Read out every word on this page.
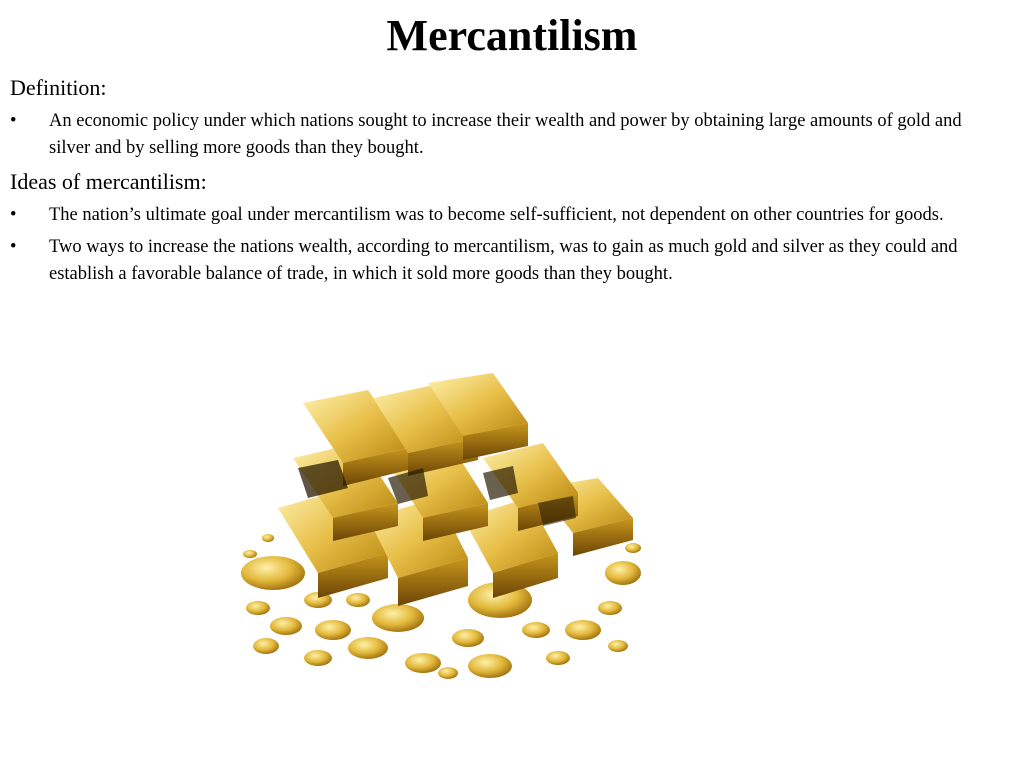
Mercantilism

Definition:

• An economic policy under which nations sought to increase their wealth and power by obtaining large amounts of gold and silver and by selling more goods than they bought.

Ideas of mercantilism:

• The nation’s ultimate goal under mercantilism was to become self-sufficient, not dependent on other countries for goods.
• Two ways to increase the nations wealth, according to mercantilism, was to gain as much gold and silver as they could and establish a favorable balance of trade, in which it sold more goods than they bought.
